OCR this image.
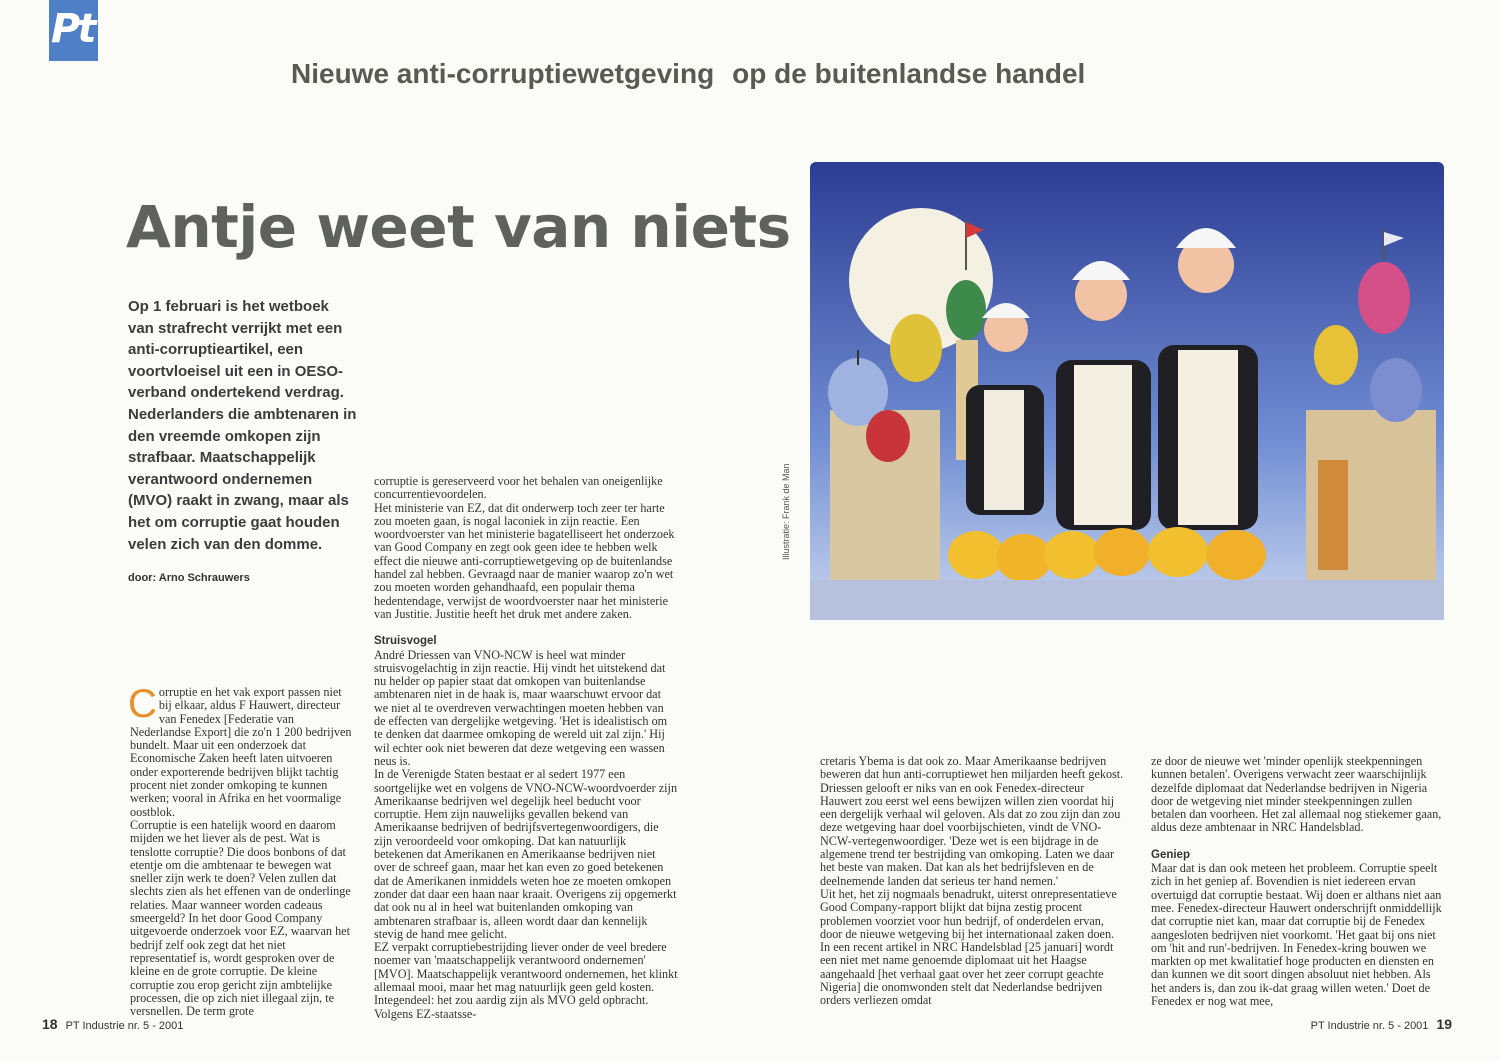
Pt
Nieuwe anti-corruptiewetgeving op de buitenlandse handel
Antje weet van niets
Op 1 februari is het wetboek van strafrecht verrijkt met een anti-corruptieartikel, een voortvloeisel uit een in OESO-verband ondertekend verdrag. Nederlanders die ambtenaren in den vreemde omkopen zijn strafbaar. Maatschappelijk verantwoord ondernemen (MVO) raakt in zwang, maar als het om corruptie gaat houden velen zich van den domme.
door: Arno Schrauwers

Corruptie en het vak export passen niet bij elkaar, aldus F Hauwert, directeur van Fenedex [Federatie van Nederlandse Export] die zo'n 1 200 bedrijven bundelt. Maar uit een onderzoek dat Economische Zaken heeft laten uitvoeren onder exporterende bedrijven blijkt tachtig procent niet zonder omkoping te kunnen werken; vooral in Afrika en het voormalige oostblok.

Corruptie is een hatelijk woord en daarom mijden we het liever als de pest. Wat is tenslotte corruptie? Die doos bonbons of dat etentje om die ambtenaar te bewegen wat sneller zijn werk te doen? Velen zullen dat slechts zien als het effenen van de onderlinge relaties. Maar wanneer worden cadeaus smeergeld? In het door Good Company uitgevoerde onderzoek voor EZ, waarvan het bedrijf zelf ook zegt dat het niet representatief is, wordt gesproken over de kleine en de grote corruptie. De kleine corruptie zou erop gericht zijn ambtelijke processen, die op zich niet illegaal zijn, te versnellen. De term grote

corruptie is gereserveerd voor het behalen van oneigenlijke concurrentievoordelen.

Het ministerie van EZ, dat dit onderwerp toch zeer ter harte zou moeten gaan, is nogal laconiek in zijn reactie. Een woordvoerster van het ministerie bagatelliseert het onderzoek van Good Company en zegt ook geen idee te hebben welk effect die nieuwe anti-corruptiewetgeving op de buitenlandse handel zal hebben. Gevraagd naar de manier waarop zo'n wet zou moeten worden gehandhaafd, een populair thema hedentendage, verwijst de woordvoerster naar het ministerie van Justitie. Justitie heeft het druk met andere zaken.

Struisvogel

André Driessen van VNO-NCW is heel wat minder struisvogelachtig in zijn reactie. Hij vindt het uitstekend dat nu helder op papier staat dat omkopen van buitenlandse ambtenaren niet in de haak is, maar waarschuwt ervoor dat we niet al te overdreven verwachtingen moeten hebben van de effecten van dergelijke wetgeving. 'Het is idealistisch om te denken dat daarmee omkoping de wereld uit zal zijn.' Hij wil echter ook niet beweren dat deze wetgeving een wassen neus is.

In de Verenigde Staten bestaat er al sedert 1977 een soortgelijke wet en volgens de VNO-NCW-woordvoerder zijn Amerikaanse bedrijven wel degelijk heel beducht voor corruptie. Hem zijn nauwelijks gevallen bekend van Amerikaanse bedrijven of bedrijfsvertegenwoordigers, die zijn veroordeeld voor omkoping. Dat kan natuurlijk betekenen dat Amerikanen en Amerikaanse bedrijven niet over de schreef gaan, maar het kan even zo goed betekenen dat de Amerikanen inmiddels weten hoe ze moeten omkopen zonder dat daar een haan naar kraait. Overigens zij opgemerkt dat ook nu al in heel wat buitenlanden omkoping van ambtenaren strafbaar is, alleen wordt daar dan kennelijk stevig de hand mee gelicht.

EZ verpakt corruptiebestrijding liever onder de veel bredere noemer van 'maatschappelijk verantwoord ondernemen' [MVO]. Maatschappelijk verantwoord ondernemen, het klinkt allemaal mooi, maar het mag natuurlijk geen geld kosten. Integendeel: het zou aardig zijn als MVO geld opbracht. Volgens EZ-staatsse-

Illustratie: Frank de Man

cretaris Ybema is dat ook zo. Maar Amerikaanse bedrijven beweren dat hun anti-corruptiewet hen miljarden heeft gekost. Driessen gelooft er niks van en ook Fenedex-directeur Hauwert zou eerst wel eens bewijzen willen zien voordat hij een dergelijk verhaal wil geloven. Als dat zo zou zijn dan zou deze wetgeving haar doel voorbijschieten, vindt de VNO-NCW-vertegenwoordiger. 'Deze wet is een bijdrage in de algemene trend ter bestrijding van omkoping. Laten we daar het beste van maken. Dat kan als het bedrijfsleven en de deelnemende landen dat serieus ter hand nemen.'

Uit het, het zij nogmaals benadrukt, uiterst onrepresentatieve Good Company-rapport blijkt dat bijna zestig procent problemen voorziet voor hun bedrijf, of onderdelen ervan, door de nieuwe wetgeving bij het internationaal zaken doen. In een recent artikel in NRC Handelsblad [25 januari] wordt een niet met name genoemde diplomaat uit het Haagse aangehaald [het verhaal gaat over het zeer corrupt geachte Nigeria] die onomwonden stelt dat Nederlandse bedrijven orders verliezen omdat

ze door de nieuwe wet 'minder openlijk steekpenningen kunnen betalen'. Overigens verwacht zeer waarschijnlijk dezelfde diplomaat dat Nederlandse bedrijven in Nigeria door de wetgeving niet minder steekpenningen zullen betalen dan voorheen. Het zal allemaal nog stiekemer gaan, aldus deze ambtenaar in NRC Handelsblad.

Geniep

Maar dat is dan ook meteen het probleem. Corruptie speelt zich in het geniep af. Bovendien is niet iedereen ervan overtuigd dat corruptie bestaat. Wij doen er althans niet aan mee. Fenedex-directeur Hauwert onderschrijft onmiddellijk dat corruptie niet kan, maar dat corruptie bij de Fenedex aangesloten bedrijven niet voorkomt. 'Het gaat bij ons niet om 'hit and run'-bedrijven. In Fenedex-kring bouwen we markten op met kwalitatief hoge producten en diensten en dan kunnen we dit soort dingen absoluut niet hebben. Als het anders is, dan zou ik-dat graag willen weten.' Doet de Fenedex er nog wat mee,

18 PT Industrie nr. 5 - 2001	PT Industrie nr. 5 - 2001 19
